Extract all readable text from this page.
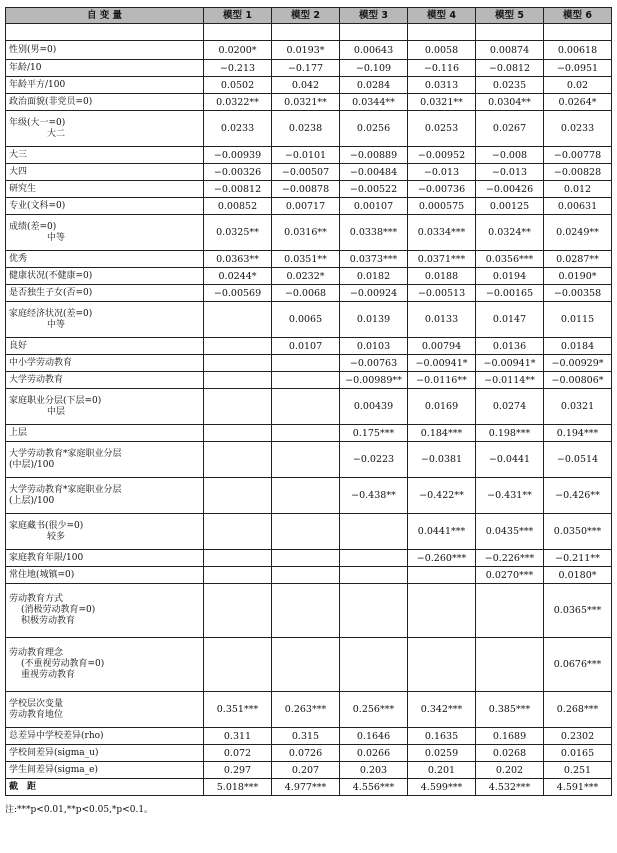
自 变 量	模型 1	模型 2	模型 3	模型 4	模型 5	模型 6

性别(男=0)	0.0200*	0.0193*	0.00643	0.0058	0.00874	0.00618

年龄/10	−0.213	−0.177	−0.109	−0.116	−0.0812	−0.0951

年龄平方/100	0.0502	0.042	0.0284	0.0313	0.0235	0.02

政治面貌(非党员=0)	0.0322**	0.0321**	0.0344**	0.0321**	0.0304**	0.0264*

年级(大一=0)
大二	0.0233	0.0238	0.0256	0.0253	0.0267	0.0233

大三	−0.00939	−0.0101	−0.00889	−0.00952	−0.008	−0.00778

大四	−0.00326	−0.00507	−0.00484	−0.013	−0.013	−0.00828

研究生	−0.00812	−0.00878	−0.00522	−0.00736	−0.00426	0.012

专业(文科=0)	0.00852	0.00717	0.00107	0.000575	0.00125	0.00631

成绩(差=0)
中等	0.0325**	0.0316**	0.0338***	0.0334***	0.0324**	0.0249**

优秀	0.0363**	0.0351**	0.0373***	0.0371***	0.0356***	0.0287**

健康状况(不健康=0)	0.0244*	0.0232*	0.0182	0.0188	0.0194	0.0190*

是否独生子女(否=0)	−0.00569	−0.0068	−0.00924	−0.00513	−0.00165	−0.00358

家庭经济状况(差=0)
中等		0.0065	0.0139	0.0133	0.0147	0.0115

良好		0.0107	0.0103	0.00794	0.0136	0.0184

中小学劳动教育			−0.00763	−0.00941*	−0.00941*	−0.00929*

大学劳动教育			−0.00989**	−0.0116**	−0.0114**	−0.00806*

家庭职业分层(下层=0)
中层			0.00439	0.0169	0.0274	0.0321

上层			0.175***	0.184***	0.198***	0.194***

大学劳动教育*家庭职业分层
(中层)/100			−0.0223	−0.0381	−0.0441	−0.0514

大学劳动教育*家庭职业分层
(上层)/100			−0.438**	−0.422**	−0.431**	−0.426**

家庭藏书(很少=0)
较多				0.0441***	0.0435***	0.0350***

家庭教育年限/100				−0.260***	−0.226***	−0.211**

常住地(城镇=0)					0.0270***	0.0180*

劳动教育方式
(消极劳动教育=0)
积极劳动教育						0.0365***

劳动教育理念
(不重视劳动教育=0)
重视劳动教育						0.0676***

学校层次变量
劳动教育地位	0.351***	0.263***	0.256***	0.342***	0.385***	0.268***

总差异中学校差异(rho)	0.311	0.315	0.1646	0.1635	0.1689	0.2302

学校间差异(sigma_u)	0.072	0.0726	0.0266	0.0259	0.0268	0.0165

学生间差异(sigma_e)	0.297	0.207	0.203	0.201	0.202	0.251

截　距	5.018***	4.977***	4.556***	4.599***	4.532***	4.591***
注:***p<0.01,**p<0.05,*p<0.1。
